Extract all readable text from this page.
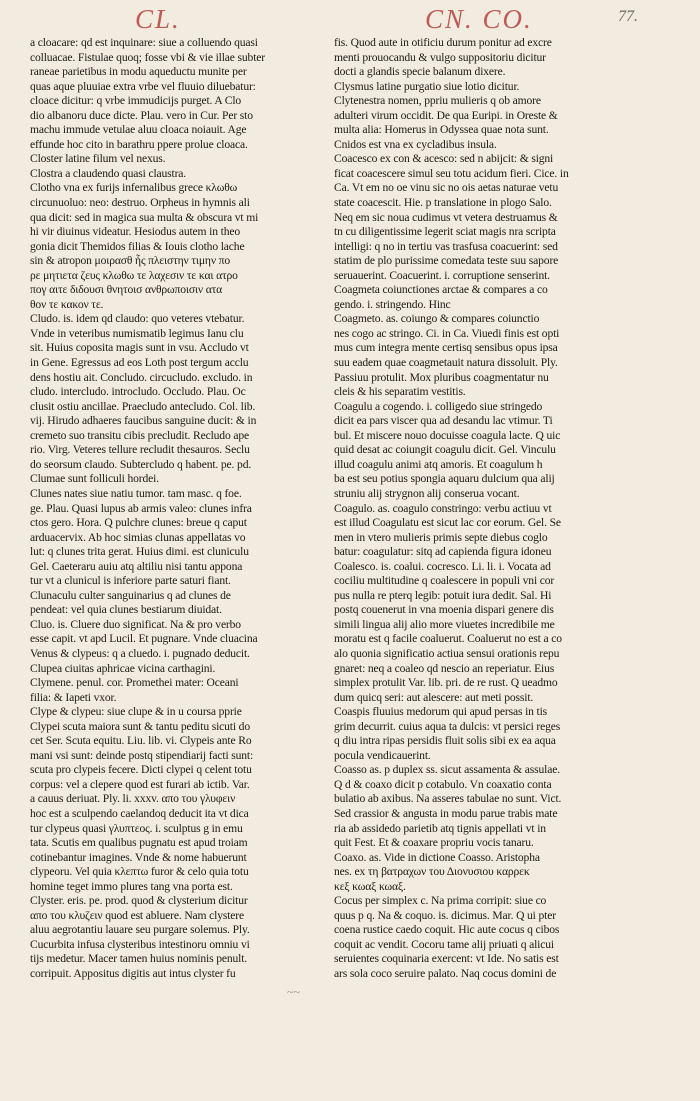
CL.	CN. CO.	77.
a cloacare: qd est inquinare: siue a colluendo quasi
colluacae. Fistulae quoq; fosse vbi & vie illae subter
raneae parietibus in modu aqueductu munite per
quas aque pluuiae extra vrbe vel fluuio diluebatur:
cloace dicitur: q vrbe immudicijs purget. A Clo
dio albanoru duce dicte. Plau. vero in Cur. Per sto
machu immude vetulae aluu cloaca noiauit. Age
effunde hoc cito in barathru ppere prolue cloaca.
Closter latine filum vel nexus.
Clostra a claudendo quasi claustra.
Clotho vna ex furijs infernalibus grece κλωθω
circunuoluo: neo: destruo. Orpheus in hymnis ali
qua dicit: sed in magica sua multa & obscura vt mi
hi vir diuinus videatur. Hesiodus autem in theo
gonia dicit Themidos filias & Iouis clotho lache
sin & atropon μοιρασθ ἧς πλειστην τιμην πο
ρε μητιετα ζευς κλωθω τε λαχεσιν τε και ατρο
πογ αιτε διδουσι θνητοισ ανθρωποισιν ατα
θον τε κακον τε.
Cludo. is. idem qd claudo: quo veteres vtebatur.
Vnde in veteribus numismatib legimus Ianu clu
sit. Huius coposita magis sunt in vsu. Accludo vt
in Gene. Egressus ad eos Loth post tergum acclu
dens hostiu ait. Concludo. circucludo. excludo. in
cludo. intercludo. introcludo. Occludo. Plau. Oc
clusit ostiu ancillae. Praecludo antecludo. Col. lib.
vij. Hirudo adhaeres faucibus sanguine ducit: & in
cremeto suo transitu cibis precludit. Recludo ape
rio. Virg. Veteres tellure recludit thesauros. Seclu
do seorsum claudo. Subtercludo q habent. pe. pd.
Clumae sunt folliculi hordei.
Clunes nates siue natiu tumor. tam masc. q foe.
ge. Plau. Quasi lupus ab armis valeo: clunes infra
ctos gero. Hora. Q pulchre clunes: breue q caput
arduacervix. Ab hoc simias clunas appellatas vo
lut: q clunes trita gerat. Huius dimi. est cluniculu
Gel. Caeteraru auiu atq altiliu nisi tantu appona
tur vt a clunicul is inferiore parte saturi fiant.
Clunaculu culter sanguinarius q ad clunes de
pendeat: vel quia clunes bestiarum diuidat.
Cluo. is. Cluere duo significat. Na & pro verbo
esse capit. vt apd Lucil. Et pugnare. Vnde cluacina
Venus & clypeus: q a cluedo. i. pugnado deducit.
Clupea ciuitas aphricae vicina carthagini.
Clymene. penul. cor. Promethei mater: Oceani
filia: & Iapeti vxor.
Clype & clypeu: siue clupe & in u coursa pprie
Clypei scuta maiora sunt & tantu peditu sicuti do
cet Ser. Scuta equitu. Liu. lib. vi. Clypeis ante Ro
mani vsi sunt: deinde postq stipendiarij facti sunt:
scuta pro clypeis fecere. Dicti clypei q celent totu
corpus: vel a clepere quod est furari ab ictib. Var.
a cauus deriuat. Ply. li. xxxv. απο του γλυφειν
hoc est a sculpendo caelandoq deducit ita vt dica
tur clypeus quasi γλυπτεος. i. sculptus g in emu
tata. Scutis em qualibus pugnatu est apud troiam
cotinebantur imagines. Vnde & nome habuerunt
clypeoru. Vel quia κλεπτω furor & celo quia totu
homine teget immo plures tang vna porta est.
Clyster. eris. pe. prod. quod & clysterium dicitur
απο του κλυζειν quod est abluere. Nam clystere
aluu aegrotantiu lauare seu purgare solemus. Ply.
Cucurbita infusa clysteribus intestinoru omniu vi
tijs medetur. Macer tamen huius nominis penult.
corripuit. Appositus digitis aut intus clyster fu
fis. Quod aute in otificiu durum ponitur ad excre
menti prouocandu & vulgo suppositoriu dicitur
docti a glandis specie balanum dixere.
Clysmus latine purgatio siue lotio dicitur.
Clytenestra nomen, ppriu mulieris q ob amore
adulteri virum occidit. De qua Euripi. in Oreste &
multa alia: Homerus in Odyssea quae nota sunt.
Cnidos est vna ex cycladibus insula.
Coacesco ex con & acesco: sed n abijcit: & signi
ficat coacescere simul seu totu acidum fieri. Cice. in
Ca. Vt em no oe vinu sic no ois aetas naturae vetu
state coacescit. Hie. p translatione in plogo Salo.
Neq em sic noua cudimus vt vetera destruamus &
tn cu diligentissime legerit sciat magis nra scripta
intelligi: q no in tertiu vas trasfusa coacuerint: sed
statim de plo purissime comedata teste suu sapore
seruauerint. Coacuerint. i. corruptione senserint.
Coagmeta coiunctiones arctae & compares a co
gendo. i. stringendo. Hinc
Coagmeto. as. coiungo & compares coiunctio
nes cogo ac stringo. Ci. in Ca. Viuedi finis est opti
mus cum integra mente certisq sensibus opus ipsa
suu eadem quae coagmetauit natura dissoluit. Ply.
Passiuu protulit. Mox pluribus coagmentatur nu
cleis & his separatim vestitis.
Coagulu a cogendo. i. colligedo siue stringedo
dicit ea pars viscer qua ad desandu lac vtimur. Ti
bul. Et miscere nouo docuisse coagula lacte. Q uic
quid desat ac coiungit coagulu dicit. Gel. Vinculu
illud coagulu animi atq amoris. Et coagulum h
ba est seu potius spongia aquaru dulcium qua alij
struniu alij strygnon alij conserua vocant.
Coagulo. as. coagulo constringo: verbu actiuu vt
est illud Coagulatu est sicut lac cor eorum. Gel. Se
men in vtero mulieris primis septe diebus coglo
batur: coagulatur: sitq ad capienda figura idoneu
Coalesco. is. coalui. cocresco. Li. li. i. Vocata ad
cociliu multitudine q coalescere in populi vni cor
pus nulla re pterq legib: potuit iura dedit. Sal. Hi
postq couenerut in vna moenia dispari genere dis
simili lingua alij alio more viuetes incredibile me
moratu est q facile coaluerut. Coaluerut no est a co
alo quonia significatio actiua sensui orationis repu
gnaret: neq a coaleo qd nescio an reperiatur. Eius
simplex protulit Var. lib. pri. de re rust. Q ueadmo
dum quicq seri: aut alescere: aut meti possit.
Coaspis fluuius medorum qui apud persas in tis
grim decurrit. cuius aqua ta dulcis: vt persici reges
q diu intra ripas persidis fluit solis sibi ex ea aqua
pocula vendicauerint.
Coasso as. p duplex ss. sicut assamenta & assulae.
Q d & coaxo dicit p cotabulo. Vn coaxatio conta
bulatio ab axibus. Na asseres tabulae no sunt. Vict.
Sed crassior & angusta in modu parue trabis mate
ria ab assidedo parietib atq tignis appellati vt in
quit Fest. Et & coaxare propriu vocis tanaru.
Coaxo. as. Vide in dictione Coasso. Aristopha
nes. ex τη βατραχων του Διονυσιου καρρεκ
κεξ κωαξ κωαξ.
Cocus per simplex c. Na prima corripit: siue co
quus p q. Na & coquo. is. dicimus. Mar. Q ui pter
coena rustice caedo coquit. Hic aute cocus q cibos
coquit ac vendit. Cocoru tame alij priuati q alicui
seruientes coquinaria exercent: vt Ide. No satis est
ars sola coco seruire palato. Naq cocus domini de
~~
